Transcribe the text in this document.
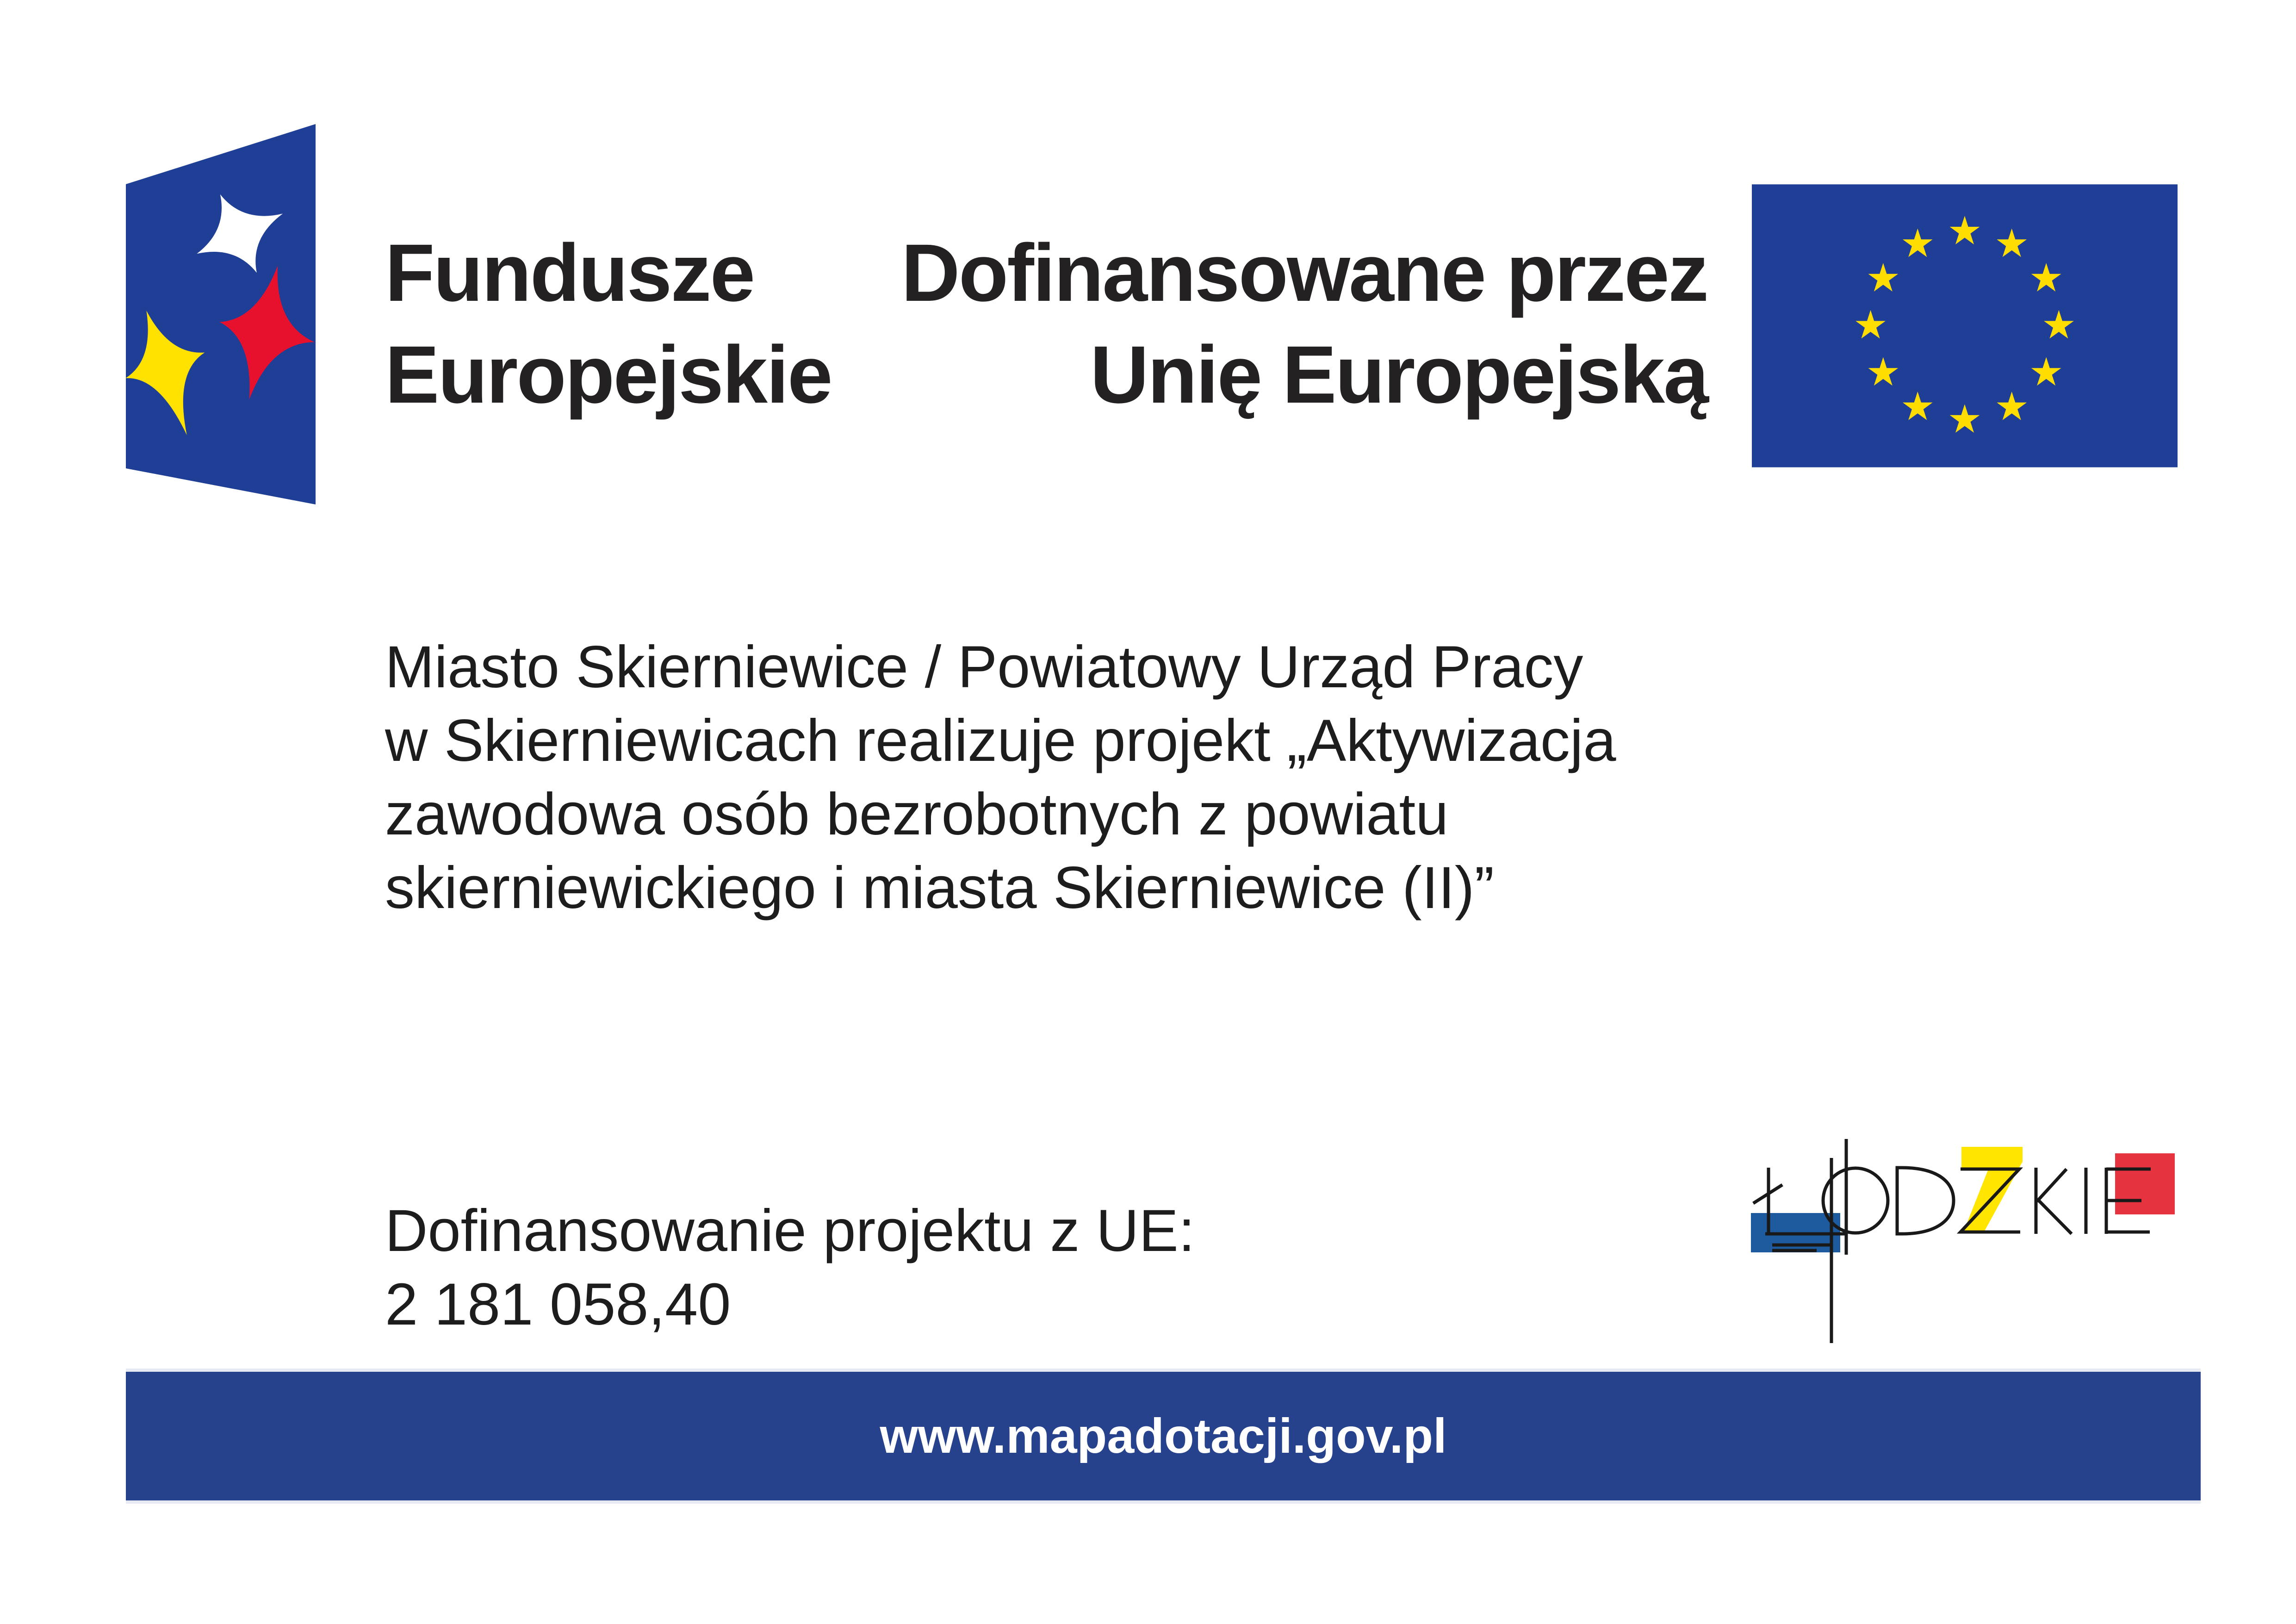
Fundusze
Europejskie
Dofinansowane przez
Unię Europejską
Miasto Skierniewice / Powiatowy Urząd Pracy
w Skierniewicach realizuje projekt „Aktywizacja
zawodowa osób bezrobotnych z powiatu
skierniewickiego i miasta Skierniewice (II)”
Dofinansowanie projektu z UE:
2 181 058,40
www.mapadotacji.gov.pl
